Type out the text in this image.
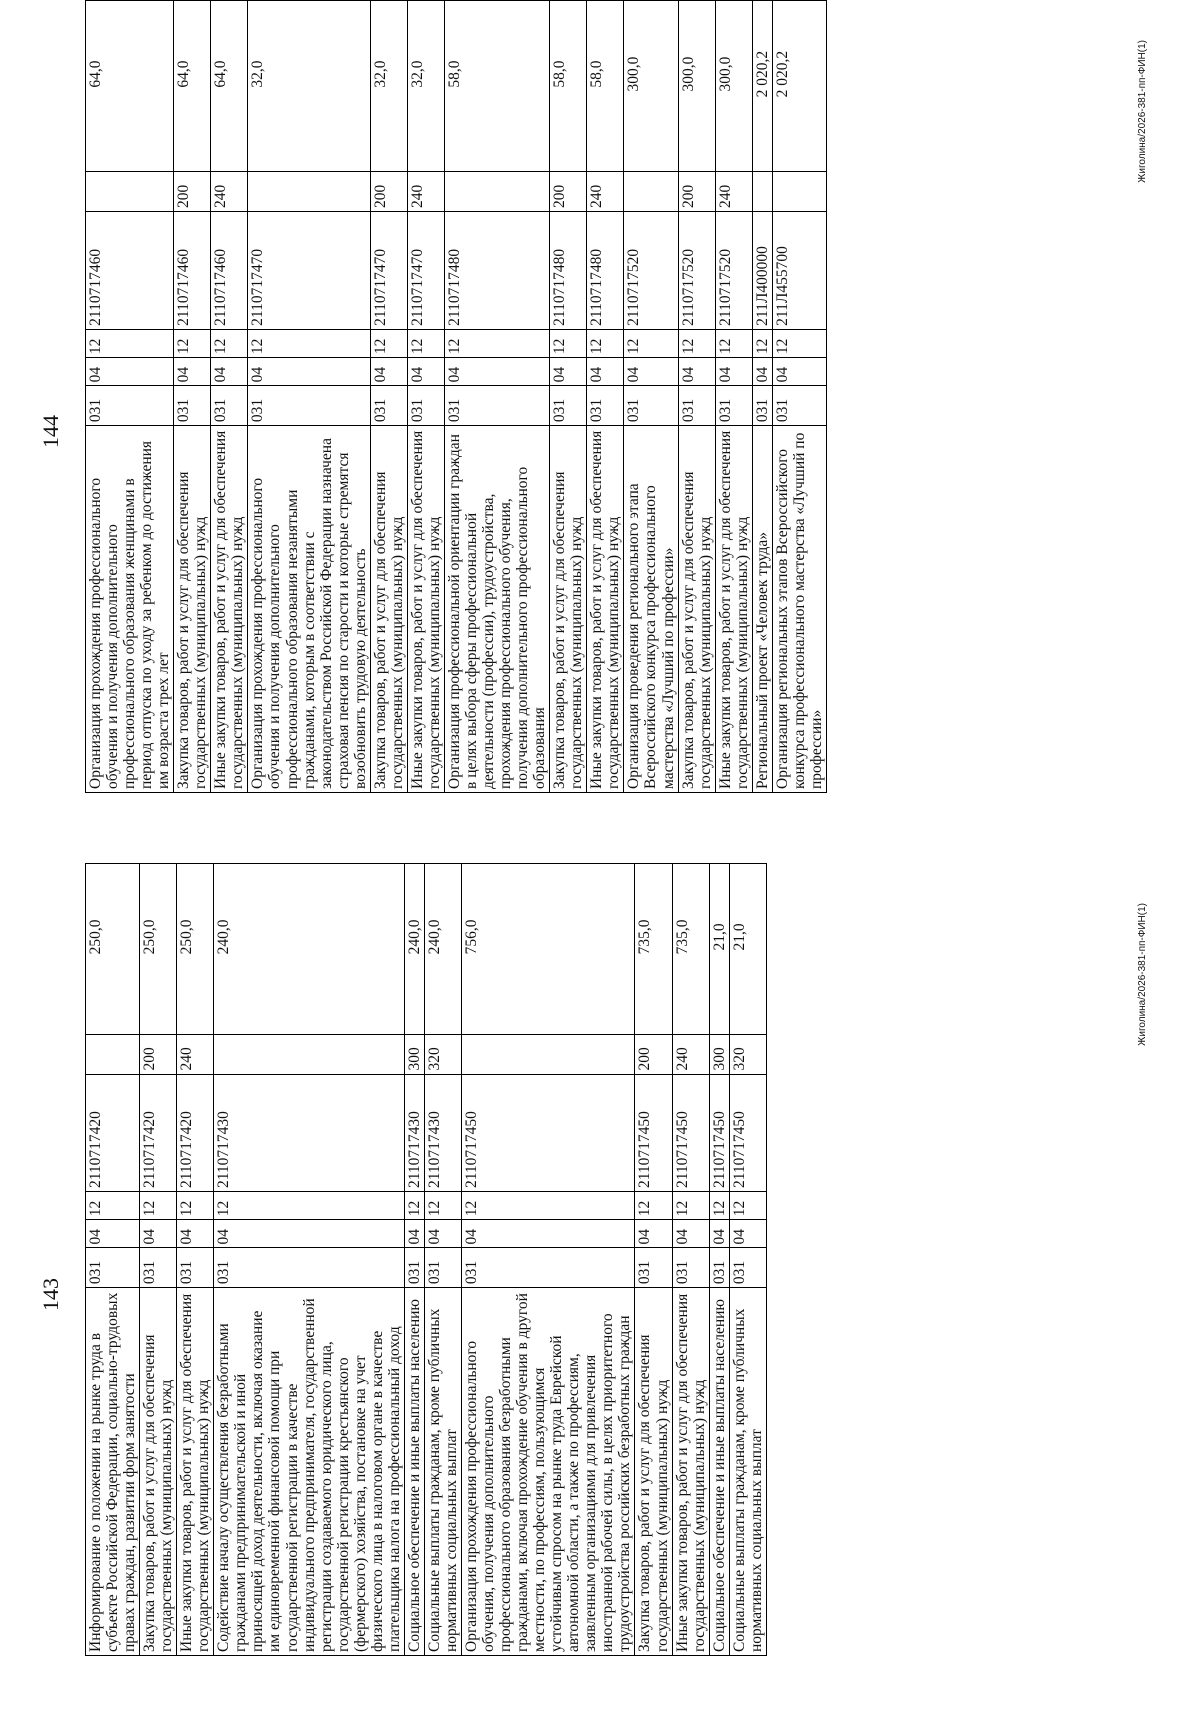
143
Информирование о положении на рынке труда в субъекте Российской Федерации, социально-трудовых правах граждан, развитии форм занятости	031	04	12	2110717420		250,0
Закупка товаров, работ и услуг для обеспечения государственных (муниципальных) нужд	031	04	12	2110717420	200	250,0
Иные закупки товаров, работ и услуг для обеспечения государственных (муниципальных) нужд	031	04	12	2110717420	240	250,0
Содействие началу осуществления безработными гражданами предпринимательской и иной приносящей доход деятельности, включая оказание им единовременной финансовой помощи при государственной регистрации в качестве индивидуального предпринимателя, государственной регистрации создаваемого юридического лица, государственной регистрации крестьянского (фермерского) хозяйства, постановке на учет физического лица в налоговом органе в качестве плательщика налога на профессиональный доход	031	04	12	2110717430		240,0
Социальное обеспечение и иные выплаты населению	031	04	12	2110717430	300	240,0
Социальные выплаты гражданам, кроме публичных нормативных социальных выплат	031	04	12	2110717430	320	240,0
Организация прохождения профессионального обучения, получения дополнительного профессионального образования безработными гражданами, включая прохождение обучения в другой местности, по профессиям, пользующимся устойчивым спросом на рынке труда Еврейской автономной области, а также по профессиям, заявленным организациями для привлечения иностранной рабочей силы, в целях приоритетного трудоустройства российских безработных граждан	031	04	12	2110717450		756,0
Закупка товаров, работ и услуг для обеспечения государственных (муниципальных) нужд	031	04	12	2110717450	200	735,0
Иные закупки товаров, работ и услуг для обеспечения государственных (муниципальных) нужд	031	04	12	2110717450	240	735,0
Социальное обеспечение и иные выплаты населению	031	04	12	2110717450	300	21,0
Социальные выплаты гражданам, кроме публичных нормативных социальных выплат	031	04	12	2110717450	320	21,0	Жиголина/2026-381-пп-ФИН(1)
144
Организация прохождения профессионального обучения и получения дополнительного профессионального образования женщинами в период отпуска по уходу за ребенком до достижения им возраста трех лет	031	04	12	2110717460		64,0
Закупка товаров, работ и услуг для обеспечения государственных (муниципальных) нужд	031	04	12	2110717460	200	64,0
Иные закупки товаров, работ и услуг для обеспечения государственных (муниципальных) нужд	031	04	12	2110717460	240	64,0
Организация прохождения профессионального обучения и получения дополнительного профессионального образования незанятыми гражданами, которым в соответствии с законодательством Российской Федерации назначена страховая пенсия по старости и которые стремятся возобновить трудовую деятельность	031	04	12	2110717470		32,0
Закупка товаров, работ и услуг для обеспечения государственных (муниципальных) нужд	031	04	12	2110717470	200	32,0
Иные закупки товаров, работ и услуг для обеспечения государственных (муниципальных) нужд	031	04	12	2110717470	240	32,0
Организация профессиональной ориентации граждан в целях выбора сферы профессиональной деятельности (профессии), трудоустройства, прохождения профессионального обучения, получения дополнительного профессионального образования	031	04	12	2110717480		58,0
Закупка товаров, работ и услуг для обеспечения государственных (муниципальных) нужд	031	04	12	2110717480	200	58,0
Иные закупки товаров, работ и услуг для обеспечения государственных (муниципальных) нужд	031	04	12	2110717480	240	58,0
Организация проведения регионального этапа Всероссийского конкурса профессионального мастерства «Лучший по профессии»	031	04	12	2110717520		300,0
Закупка товаров, работ и услуг для обеспечения государственных (муниципальных) нужд	031	04	12	2110717520	200	300,0
Иные закупки товаров, работ и услуг для обеспечения государственных (муниципальных) нужд	031	04	12	2110717520	240	300,0
Региональный проект «Человек труда»	031	04	12	211Л400000		2 020,2
Организация региональных этапов Всероссийского конкурса профессионального мастерства «Лучший по профессии»	031	04	12	211Л455700		2 020,2	Жиголина/2026-381-пп-ФИН(1)
